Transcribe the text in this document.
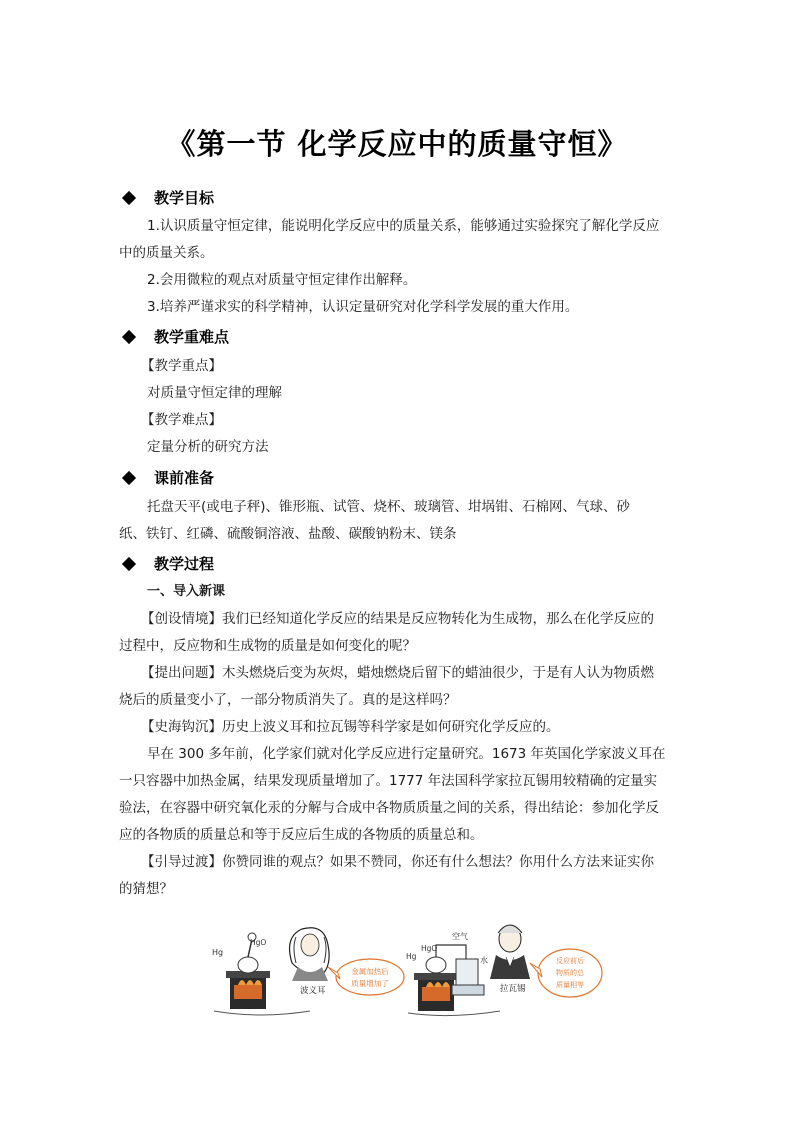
《第一节 化学反应中的质量守恒》
教学目标
1.认识质量守恒定律，能说明化学反应中的质量关系，能够通过实验探究了解化学反应
中的质量关系。
2.会用微粒的观点对质量守恒定律作出解释。
3.培养严谨求实的科学精神，认识定量研究对化学科学发展的重大作用。
教学重难点
【教学重点】
对质量守恒定律的理解
【教学难点】
定量分析的研究方法
课前准备
托盘天平(或电子秤)、锥形瓶、试管、烧杯、玻璃管、坩埚钳、石棉网、气球、砂
纸、铁钉、红磷、硫酸铜溶液、盐酸、碳酸钠粉末、镁条
教学过程
一、导入新课
【创设情境】我们已经知道化学反应的结果是反应物转化为生成物，那么在化学反应的
过程中，反应物和生成物的质量是如何变化的呢？
【提出问题】木头燃烧后变为灰烬，蜡烛燃烧后留下的蜡油很少，于是有人认为物质燃
烧后的质量变小了，一部分物质消失了。真的是这样吗？
【史海钩沉】历史上波义耳和拉瓦锡等科学家是如何研究化学反应的。
早在 300 多年前，化学家们就对化学反应进行定量研究。1673 年英国化学家波义耳在
一只容器中加热金属，结果发现质量增加了。1777 年法国科学家拉瓦锡用较精确的定量实
验法，在容器中研究氧化汞的分解与合成中各物质质量之间的关系，得出结论：参加化学反
应的各物质的质量总和等于反应后生成的各物质的质量总和。
【引导过渡】你赞同谁的观点？如果不赞同，你还有什么想法？你用什么方法来证实你
的猜想？
Hg
HgO
波义耳
金属加热后
质量增加了
Hg
HgO
空气
水
拉瓦锡
反应前后
物质的总
质量相等
